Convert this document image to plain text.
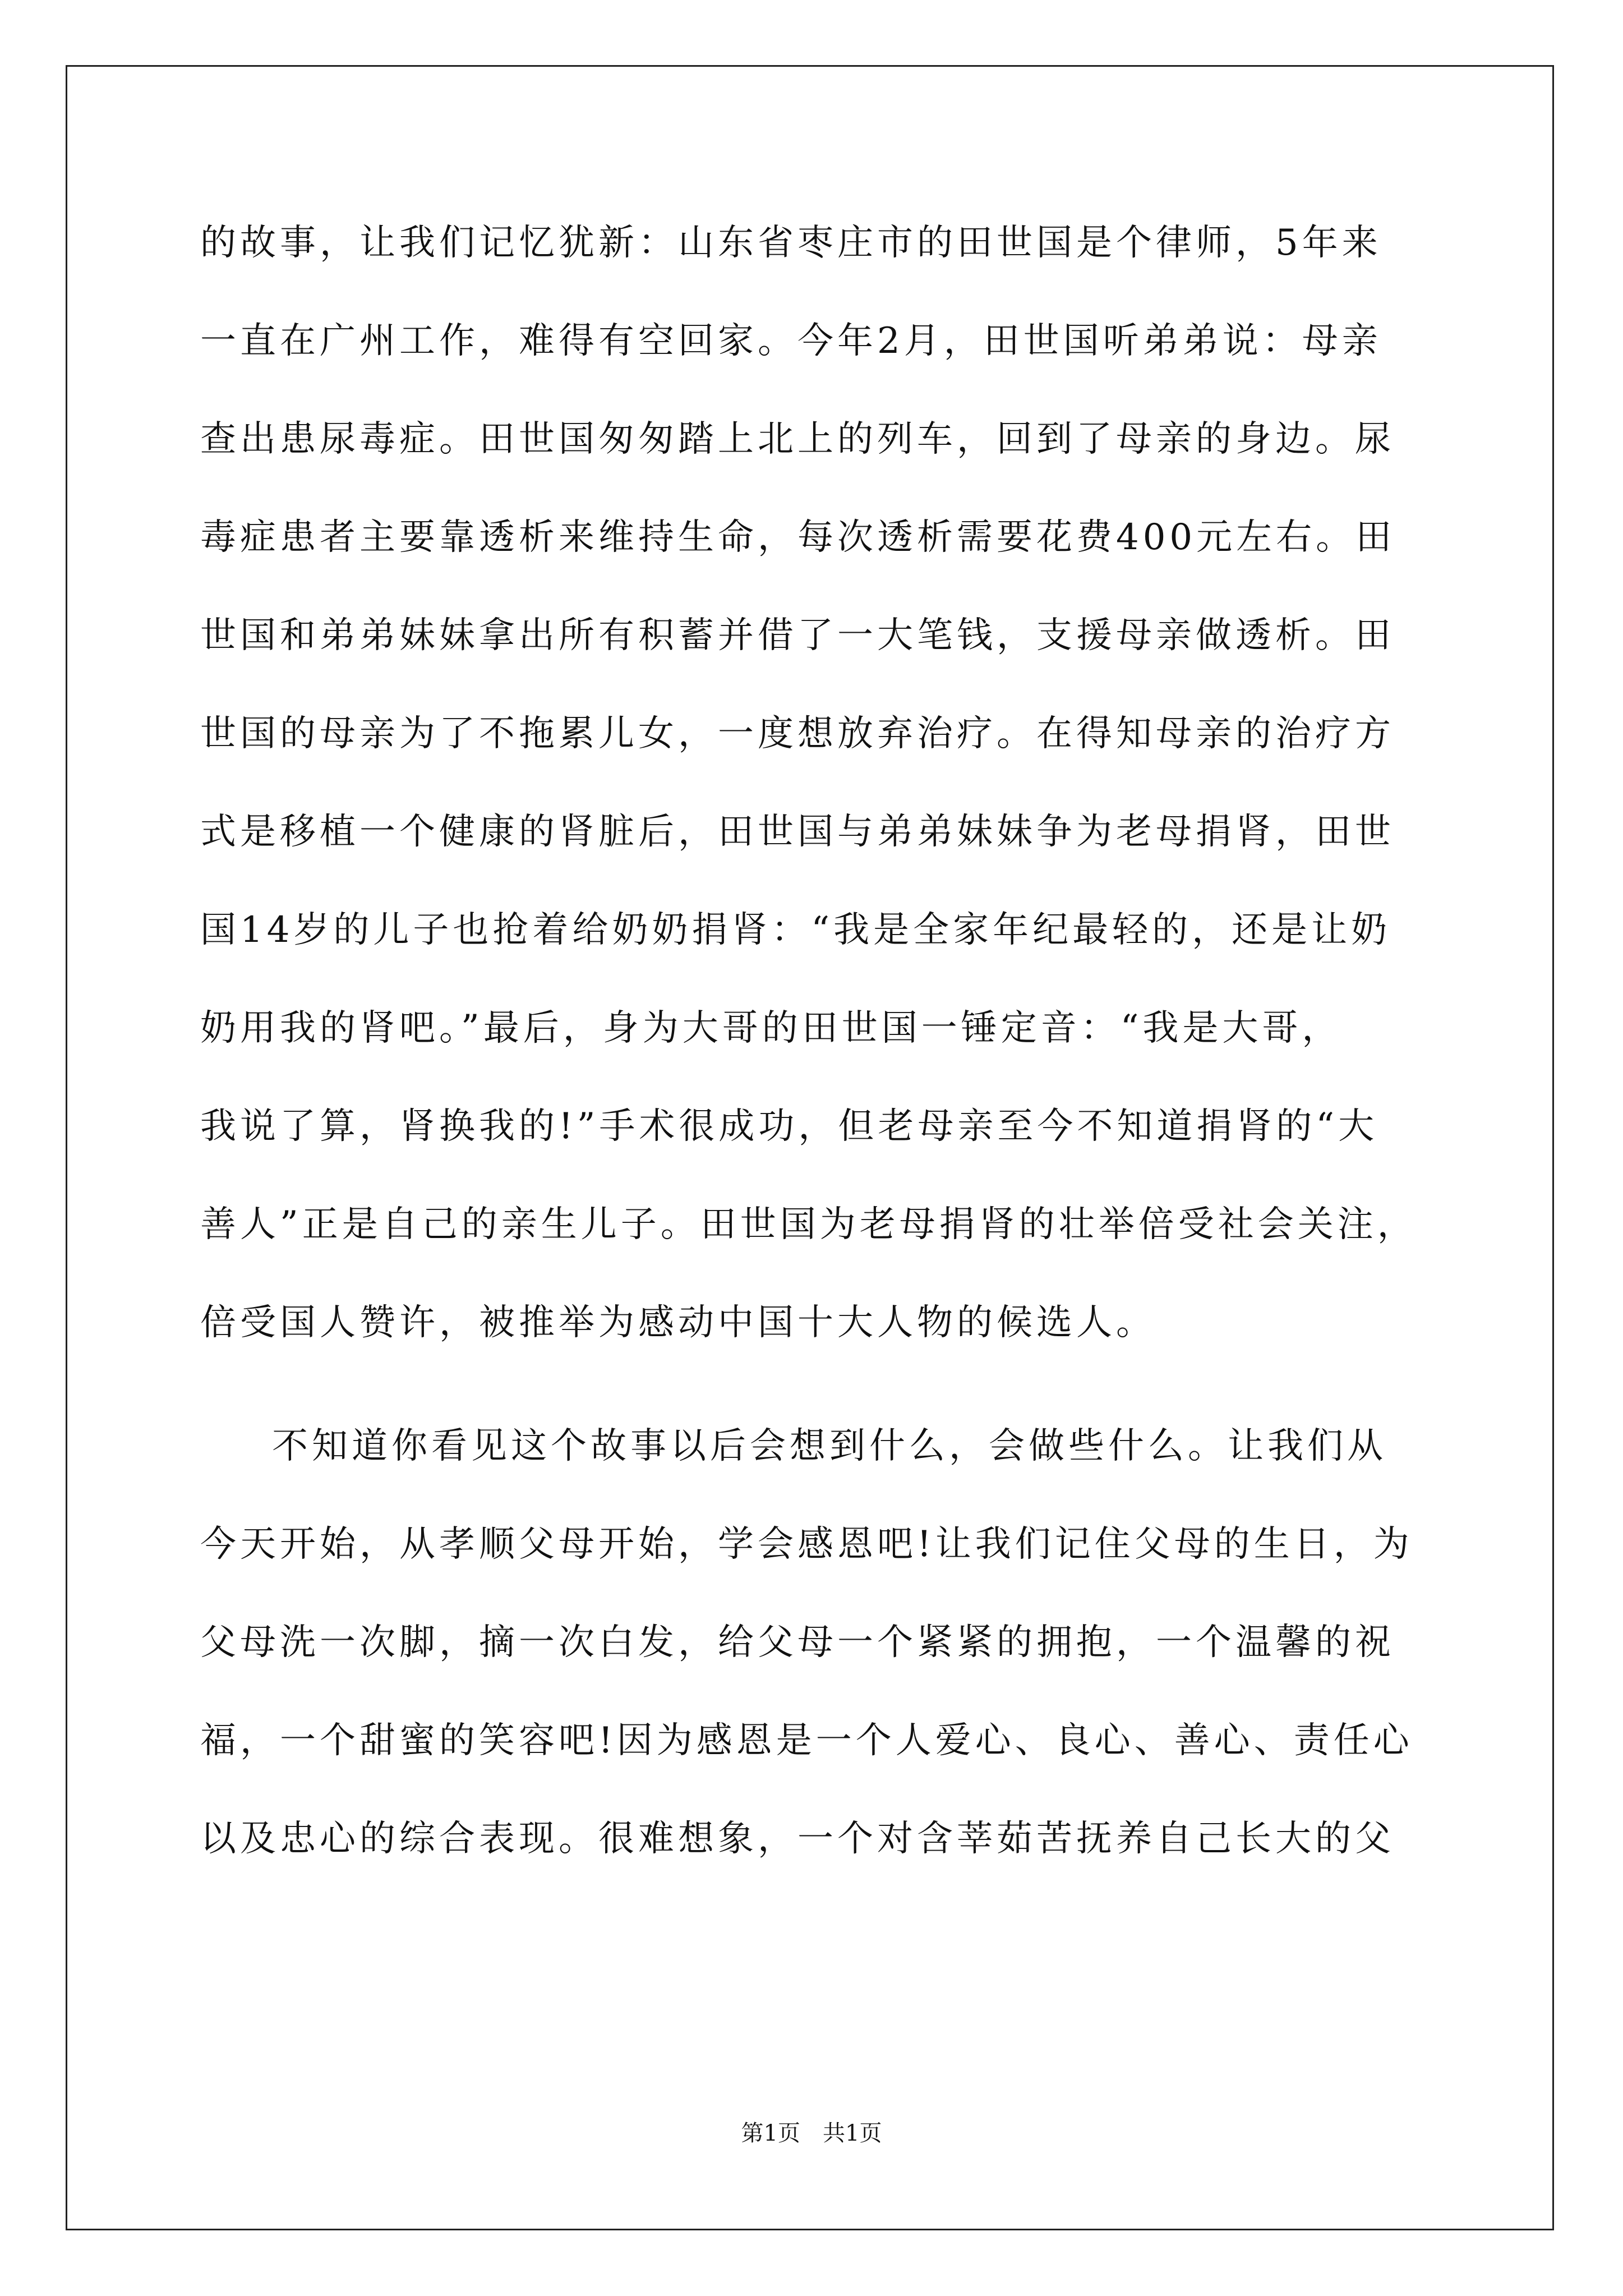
的故事，让我们记忆犹新：山东省枣庄市的田世国是个律师，5年来
一直在广州工作，难得有空回家。今年2月，田世国听弟弟说：母亲
查出患尿毒症。田世国匆匆踏上北上的列车，回到了母亲的身边。尿
毒症患者主要靠透析来维持生命，每次透析需要花费400元左右。田
世国和弟弟妹妹拿出所有积蓄并借了一大笔钱，支援母亲做透析。田
世国的母亲为了不拖累儿女，一度想放弃治疗。在得知母亲的治疗方
式是移植一个健康的肾脏后，田世国与弟弟妹妹争为老母捐肾，田世
国14岁的儿子也抢着给奶奶捐肾：“我是全家年纪最轻的，还是让奶
奶用我的肾吧。”最后，身为大哥的田世国一锤定音：“我是大哥，
我说了算，肾换我的!”手术很成功，但老母亲至今不知道捐肾的“大
善人”正是自己的亲生儿子。田世国为老母捐肾的壮举倍受社会关注，
倍受国人赞许，被推举为感动中国十大人物的候选人。
不知道你看见这个故事以后会想到什么，会做些什么。让我们从
今天开始，从孝顺父母开始，学会感恩吧!让我们记住父母的生日，为
父母洗一次脚，摘一次白发，给父母一个紧紧的拥抱，一个温馨的祝
福，一个甜蜜的笑容吧!因为感恩是一个人爱心、良心、善心、责任心
以及忠心的综合表现。很难想象，一个对含莘茹苦抚养自己长大的父
第1页　共1页
